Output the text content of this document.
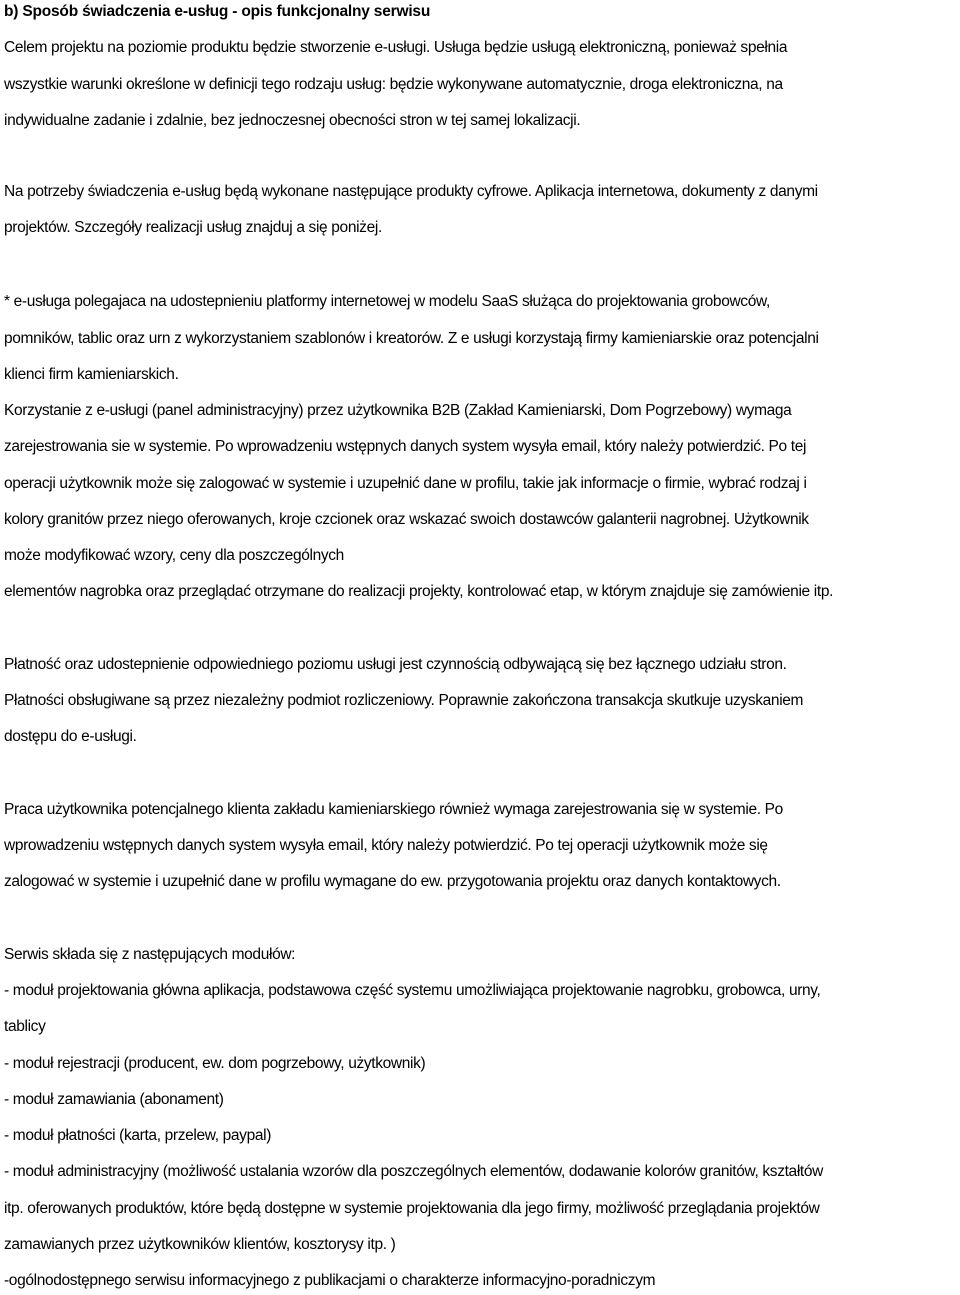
b) Sposób świadczenia e-usług - opis funkcjonalny serwisu
Celem projektu na poziomie produktu będzie stworzenie e-usługi. Usługa będzie usługą elektroniczną, ponieważ spełnia
wszystkie warunki określone w definicji tego rodzaju usług: będzie wykonywane automatycznie, droga elektroniczna, na
indywidualne zadanie i zdalnie, bez jednoczesnej obecności stron w tej samej lokalizacji.
Na potrzeby świadczenia e-usług będą wykonane następujące produkty cyfrowe. Aplikacja internetowa, dokumenty z danymi
projektów. Szczegóły realizacji usług znajduj a się poniżej.
* e-usługa polegajaca na udostepnieniu platformy internetowej w modelu SaaS służąca do projektowania grobowców,
pomników, tablic oraz urn z wykorzystaniem szablonów i kreatorów. Z e usługi korzystają firmy kamieniarskie oraz potencjalni
klienci firm kamieniarskich.
Korzystanie z e-usługi (panel administracyjny) przez użytkownika B2B (Zakład Kamieniarski, Dom Pogrzebowy) wymaga
zarejestrowania sie w systemie. Po wprowadzeniu wstępnych danych system wysyła email, który należy potwierdzić. Po tej
operacji użytkownik może się zalogować w systemie i uzupełnić dane w profilu, takie jak informacje o firmie, wybrać rodzaj i
kolory granitów przez niego oferowanych, kroje czcionek oraz wskazać swoich dostawców galanterii nagrobnej. Użytkownik
może modyfikować wzory, ceny dla poszczególnych
elementów nagrobka oraz przeglądać otrzymane do realizacji projekty, kontrolować etap, w którym znajduje się zamówienie itp.
Płatność oraz udostepnienie odpowiedniego poziomu usługi jest czynnością odbywającą się bez łącznego udziału stron.
Płatności obsługiwane są przez niezależny podmiot rozliczeniowy. Poprawnie zakończona transakcja skutkuje uzyskaniem
dostępu do e-usługi.
Praca użytkownika potencjalnego klienta zakładu kamieniarskiego również wymaga zarejestrowania się w systemie. Po
wprowadzeniu wstępnych danych system wysyła email, który należy potwierdzić. Po tej operacji użytkownik może się
zalogować w systemie i uzupełnić dane w profilu wymagane do ew. przygotowania projektu oraz danych kontaktowych.
Serwis składa się z następujących modułów:
- moduł projektowania główna aplikacja, podstawowa część systemu umożliwiająca projektowanie nagrobku, grobowca, urny,
tablicy
- moduł rejestracji (producent, ew. dom pogrzebowy, użytkownik)
- moduł zamawiania (abonament)
- moduł płatności (karta, przelew, paypal)
- moduł administracyjny (możliwość ustalania wzorów dla poszczególnych elementów, dodawanie kolorów granitów, kształtów
itp. oferowanych produktów, które będą dostępne w systemie projektowania dla jego firmy, możliwość przeglądania projektów
zamawianych przez użytkowników klientów, kosztorysy itp. )
-ogólnodostępnego serwisu informacyjnego z publikacjami o charakterze informacyjno-poradniczym
